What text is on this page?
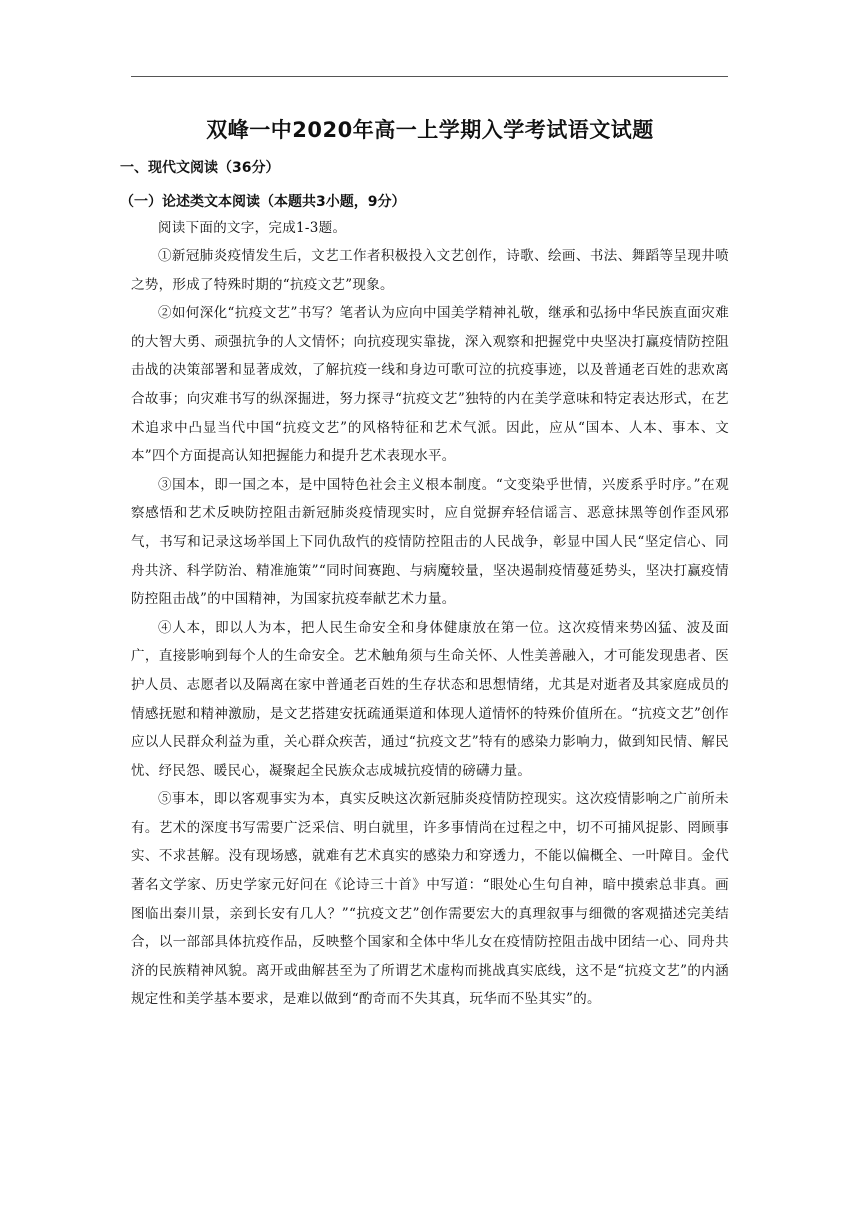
双峰一中2020年高一上学期入学考试语文试题
一、现代文阅读（36分）
（一）论述类文本阅读（本题共3小题，9分）
阅读下面的文字，完成1-3题。

①新冠肺炎疫情发生后，文艺工作者积极投入文艺创作，诗歌、绘画、书法、舞蹈等呈现井喷之势，形成了特殊时期的“抗疫文艺”现象。

②如何深化“抗疫文艺”书写？笔者认为应向中国美学精神礼敬，继承和弘扬中华民族直面灾难的大智大勇、顽强抗争的人文情怀；向抗疫现实靠拢，深入观察和把握党中央坚决打赢疫情防控阻击战的决策部署和显著成效，了解抗疫一线和身边可歌可泣的抗疫事迹，以及普通老百姓的悲欢离合故事；向灾难书写的纵深掘进，努力探寻“抗疫文艺”独特的内在美学意味和特定表达形式，在艺术追求中凸显当代中国“抗疫文艺”的风格特征和艺术气派。因此，应从“国本、人本、事本、文本”四个方面提高认知把握能力和提升艺术表现水平。

③国本，即一国之本，是中国特色社会主义根本制度。“文变染乎世情，兴废系乎时序。”在观察感悟和艺术反映防控阻击新冠肺炎疫情现实时，应自觉摒弃轻信谣言、恶意抹黑等创作歪风邪气，书写和记录这场举国上下同仇敌忾的疫情防控阻击的人民战争，彰显中国人民“坚定信心、同舟共济、科学防治、精准施策”“同时间赛跑、与病魔较量，坚决遏制疫情蔓延势头，坚决打赢疫情防控阻击战”的中国精神，为国家抗疫奉献艺术力量。

④人本，即以人为本，把人民生命安全和身体健康放在第一位。这次疫情来势凶猛、波及面广，直接影响到每个人的生命安全。艺术触角须与生命关怀、人性美善融入，才可能发现患者、医护人员、志愿者以及隔离在家中普通老百姓的生存状态和思想情绪，尤其是对逝者及其家庭成员的情感抚慰和精神激励，是文艺搭建安抚疏通渠道和体现人道情怀的特殊价值所在。“抗疫文艺”创作应以人民群众利益为重，关心群众疾苦，通过“抗疫文艺”特有的感染力影响力，做到知民情、解民忧、纾民怨、暖民心，凝聚起全民族众志成城抗疫情的磅礴力量。

⑤事本，即以客观事实为本，真实反映这次新冠肺炎疫情防控现实。这次疫情影响之广前所未有。艺术的深度书写需要广泛采信、明白就里，许多事情尚在过程之中，切不可捕风捉影、罔顾事实、不求甚解。没有现场感，就难有艺术真实的感染力和穿透力，不能以偏概全、一叶障目。金代著名文学家、历史学家元好问在《论诗三十首》中写道：“眼处心生句自神，暗中摸索总非真。画图临出秦川景，亲到长安有几人？”“抗疫文艺”创作需要宏大的真理叙事与细微的客观描述完美结合，以一部部具体抗疫作品，反映整个国家和全体中华儿女在疫情防控阻击战中团结一心、同舟共济的民族精神风貌。离开或曲解甚至为了所谓艺术虚构而挑战真实底线，这不是“抗疫文艺”的内涵规定性和美学基本要求，是难以做到“酌奇而不失其真，玩华而不坠其实”的。
